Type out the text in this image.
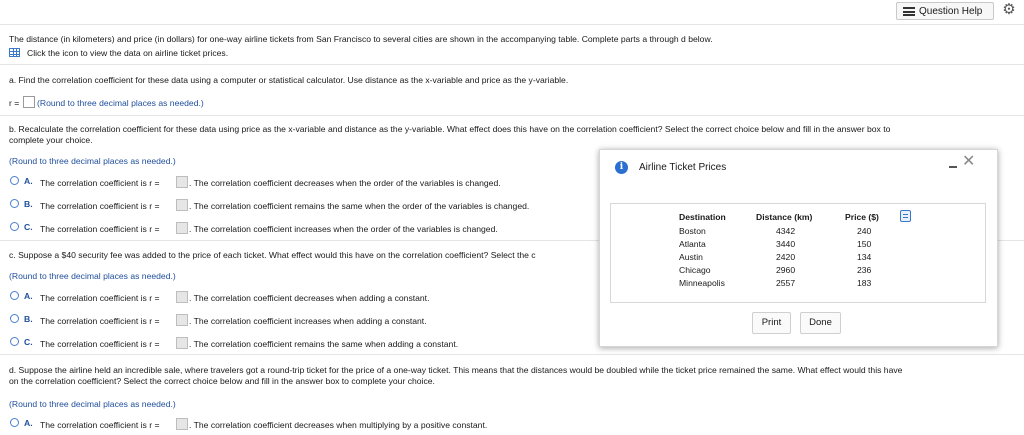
Question Help ⚙
The distance (in kilometers) and price (in dollars) for one-way airline tickets from San Francisco to several cities are shown in the accompanying table. Complete parts a through d below.
Click the icon to view the data on airline ticket prices.
a. Find the correlation coefficient for these data using a computer or statistical calculator. Use distance as the x-variable and price as the y-variable.
r = (Round to three decimal places as needed.)
b. Recalculate the correlation coefficient for these data using price as the x-variable and distance as the y-variable. What effect does this have on the correlation coefficient? Select the correct choice below and fill in the answer box to
complete your choice.
(Round to three decimal places as needed.)
A. The correlation coefficient is r =	. The correlation coefficient decreases when the order of the variables is changed.
B. The correlation coefficient is r =	. The correlation coefficient remains the same when the order of the variables is changed.
C. The correlation coefficient is r =	. The correlation coefficient increases when the order of the variables is changed.
c. Suppose a $40 security fee was added to the price of each ticket. What effect would this have on the correlation coefficient? Select the c
(Round to three decimal places as needed.)
A. The correlation coefficient is r =	. The correlation coefficient decreases when adding a constant.
B. The correlation coefficient is r =	. The correlation coefficient increases when adding a constant.
C. The correlation coefficient is r =	. The correlation coefficient remains the same when adding a constant.
d. Suppose the airline held an incredible sale, where travelers got a round-trip ticket for the price of a one-way ticket. This means that the distances would be doubled while the ticket price remained the same. What effect would this have
on the correlation coefficient? Select the correct choice below and fill in the answer box to complete your choice.
(Round to three decimal places as needed.)
A. The correlation coefficient is r =	. The correlation coefficient decreases when multiplying by a positive constant.
i	Airline Ticket Prices	✕
Destination	Distance (km)	Price ($)
Boston	4342	240
Atlanta	3440	150
Austin	2420	134
Chicago	2960	236
Minneapolis	2557	183
Print	Done
